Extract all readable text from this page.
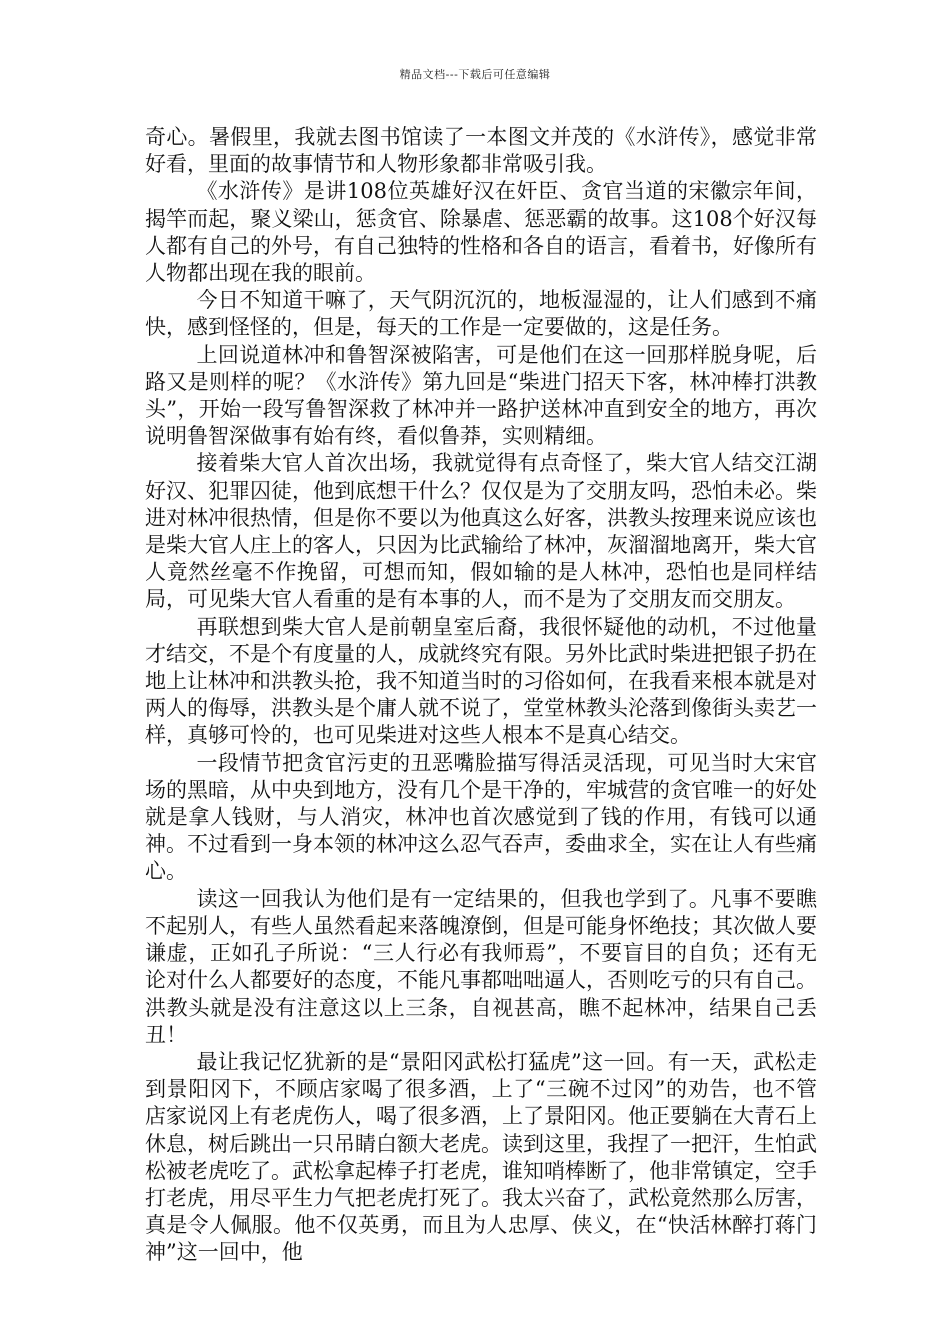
精品文档---下载后可任意编辑

奇心。暑假里，我就去图书馆读了一本图文并茂的《水浒传》，感觉非常好看，里面的故事情节和人物形象都非常吸引我。

《水浒传》是讲108位英雄好汉在奸臣、贪官当道的宋徽宗年间，揭竿而起，聚义梁山，惩贪官、除暴虐、惩恶霸的故事。这108个好汉每人都有自己的外号，有自己独特的性格和各自的语言，看着书，好像所有人物都出现在我的眼前。

今日不知道干嘛了，天气阴沉沉的，地板湿湿的，让人们感到不痛快，感到怪怪的，但是，每天的工作是一定要做的，这是任务。

上回说道林冲和鲁智深被陷害，可是他们在这一回那样脱身呢，后路又是则样的呢？《水浒传》第九回是“柴进门招天下客，林冲棒打洪教头”，开始一段写鲁智深救了林冲并一路护送林冲直到安全的地方，再次说明鲁智深做事有始有终，看似鲁莽，实则精细。

接着柴大官人首次出场，我就觉得有点奇怪了，柴大官人结交江湖好汉、犯罪囚徒，他到底想干什么？仅仅是为了交朋友吗，恐怕未必。柴进对林冲很热情，但是你不要以为他真这么好客，洪教头按理来说应该也是柴大官人庄上的客人，只因为比武输给了林冲，灰溜溜地离开，柴大官人竟然丝毫不作挽留，可想而知，假如输的是人林冲，恐怕也是同样结局，可见柴大官人看重的是有本事的人，而不是为了交朋友而交朋友。

再联想到柴大官人是前朝皇室后裔，我很怀疑他的动机，不过他量才结交，不是个有度量的人，成就终究有限。另外比武时柴进把银子扔在地上让林冲和洪教头抢，我不知道当时的习俗如何，在我看来根本就是对两人的侮辱，洪教头是个庸人就不说了，堂堂林教头沦落到像街头卖艺一样，真够可怜的，也可见柴进对这些人根本不是真心结交。

一段情节把贪官污吏的丑恶嘴脸描写得活灵活现，可见当时大宋官场的黑暗，从中央到地方，没有几个是干净的，牢城营的贪官唯一的好处就是拿人钱财，与人消灾，林冲也首次感觉到了钱的作用，有钱可以通神。不过看到一身本领的林冲这么忍气吞声，委曲求全，实在让人有些痛心。

读这一回我认为他们是有一定结果的，但我也学到了。凡事不要瞧不起别人，有些人虽然看起来落魄潦倒，但是可能身怀绝技；其次做人要谦虚，正如孔子所说：“三人行必有我师焉”，不要盲目的自负；还有无论对什么人都要好的态度，不能凡事都咄咄逼人，否则吃亏的只有自己。洪教头就是没有注意这以上三条，自视甚高，瞧不起林冲，结果自己丢丑！

最让我记忆犹新的是“景阳冈武松打猛虎”这一回。有一天，武松走到景阳冈下，不顾店家喝了很多酒，上了“三碗不过冈”的劝告，也不管店家说冈上有老虎伤人，喝了很多酒，上了景阳冈。他正要躺在大青石上休息，树后跳出一只吊睛白额大老虎。读到这里，我捏了一把汗，生怕武松被老虎吃了。武松拿起棒子打老虎，谁知哨棒断了，他非常镇定，空手打老虎，用尽平生力气把老虎打死了。我太兴奋了，武松竟然那么厉害，真是令人佩服。他不仅英勇，而且为人忠厚、侠义，在“快活林醉打蒋门神”这一回中，他
